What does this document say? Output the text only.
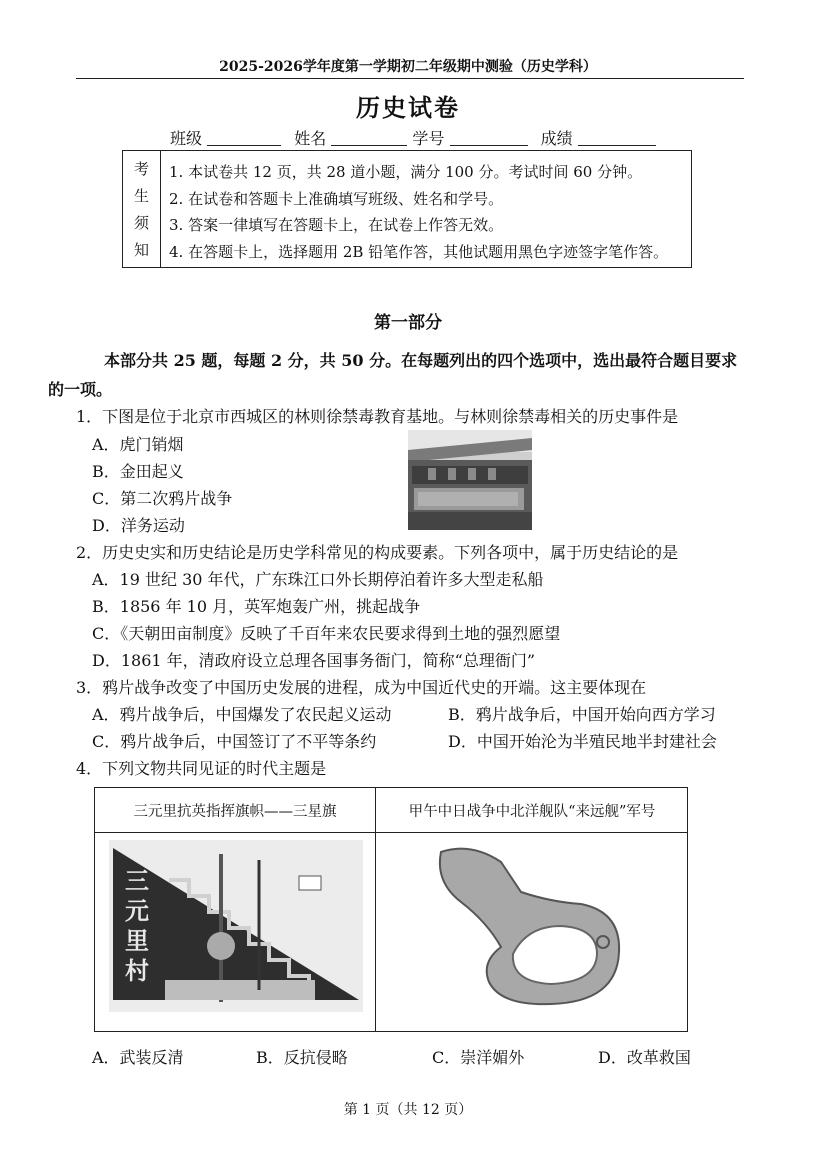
2025-2026学年度第一学期初二年级期中测验（历史学科）
历史试卷
班级	姓名	学号	成绩
考
生
须
知
1. 本试卷共 12 页，共 28 道小题，满分 100 分。考试时间 60 分钟。
2. 在试卷和答题卡上准确填写班级、姓名和学号。
3. 答案一律填写在答题卡上，在试卷上作答无效。
4. 在答题卡上，选择题用 2B 铅笔作答，其他试题用黑色字迹签字笔作答。
第一部分
本部分共 25 题，每题 2 分，共 50 分。在每题列出的四个选项中，选出最符合题目要求
的一项。
1．下图是位于北京市西城区的林则徐禁毒教育基地。与林则徐禁毒相关的历史事件是
A．虎门销烟
B．金田起义
C．第二次鸦片战争
D．洋务运动
2．历史史实和历史结论是历史学科常见的构成要素。下列各项中，属于历史结论的是
A．19 世纪 30 年代，广东珠江口外长期停泊着许多大型走私船
B．1856 年 10 月，英军炮轰广州，挑起战争
C．《天朝田亩制度》反映了千百年来农民要求得到土地的强烈愿望
D．1861 年，清政府设立总理各国事务衙门，简称“总理衙门”
3．鸦片战争改变了中国历史发展的进程，成为中国近代史的开端。这主要体现在
A．鸦片战争后，中国爆发了农民起义运动	B．鸦片战争后，中国开始向西方学习
C．鸦片战争后，中国签订了不平等条约	D．中国开始沦为半殖民地半封建社会
4．下列文物共同见证的时代主题是
三元里抗英指挥旗帜——三星旗	甲午中日战争中北洋舰队“来远舰”军号
三元里村
A．武装反清	B．反抗侵略	C．崇洋媚外	D．改革救国
第 1 页（共 12 页）
